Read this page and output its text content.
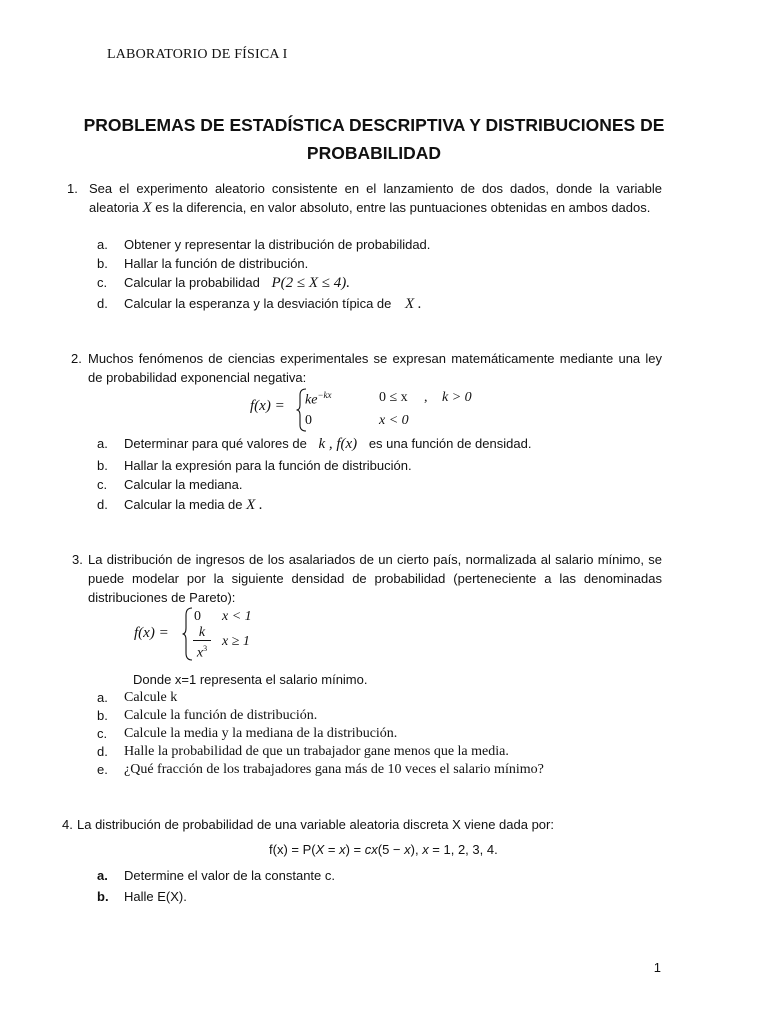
LABORATORIO DE FÍSICA I
PROBLEMAS DE ESTADÍSTICA DESCRIPTIVA Y DISTRIBUCIONES DE
PROBABILIDAD
1. Sea el experimento aleatorio consistente en el lanzamiento de dos dados, donde la variable aleatoria X es la diferencia, en valor absoluto, entre las puntuaciones obtenidas en ambos dados.
a. Obtener y representar la distribución de probabilidad.
b. Hallar la función de distribución.
c. Calcular la probabilidad P(2 ≤ X ≤ 4).
d. Calcular la esperanza y la desviación típica de X .
2. Muchos fenómenos de ciencias experimentales se expresan matemáticamente mediante una ley de probabilidad exponencial negativa:
$f(x) = ke^{-kx}$	0 ≤ x , k > 0
0	x < 0
a. Determinar para qué valores de k , f(x) es una función de densidad.
b. Hallar la expresión para la función de distribución.
c. Calcular la mediana.
d. Calcular la media de X .
3. La distribución de ingresos de los asalariados de un cierto país, normalizada al salario mínimo, se puede modelar por la siguiente densidad de probabilidad (perteneciente a las denominadas distribuciones de Pareto):
f(x) =
0 x < 1
$\frac{k}{x^3}$ x ≥ 1
Donde x=1 representa el salario mínimo.
a. Calcule k
b. Calcule la función de distribución.
c. Calcule la media y la mediana de la distribución.
d. Halle la probabilidad de que un trabajador gane menos que la media.
e. ¿Qué fracción de los trabajadores gana más de 10 veces el salario mínimo?
4. La distribución de probabilidad de una variable aleatoria discreta X viene dada por:
f(x) = P(X = x) = cx(5 − x), x = 1, 2, 3, 4.
a. Determine el valor de la constante c.
b. Halle E(X).
1
